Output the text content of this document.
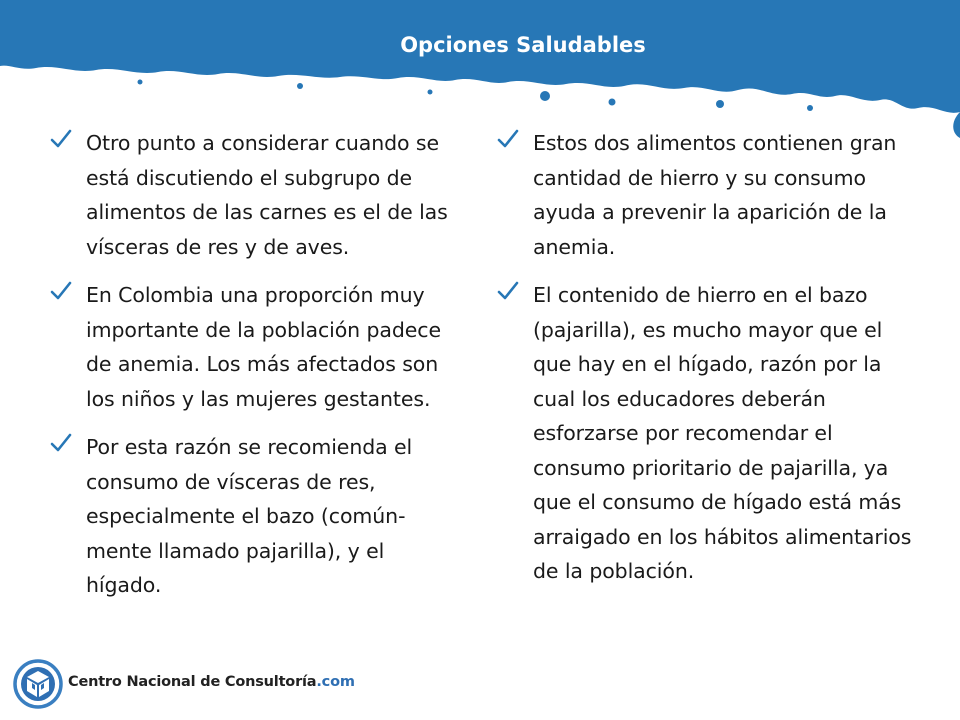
Opciones Saludables
Otro punto a considerar cuando se está discutiendo el subgrupo de alimentos de las carnes es el de las vísceras de res y de aves.
En Colombia una proporción muy importante de la población padece de anemia. Los más afectados son los niños y las mujeres gestantes.
Por esta razón se recomienda el consumo de vísceras de res, especialmente el bazo (común-mente llamado pajarilla), y el hígado.
Estos dos alimentos contienen gran cantidad de hierro y su consumo ayuda a prevenir la aparición de la anemia.
El contenido de hierro en el bazo (pajarilla), es mucho mayor que el que hay en el hígado, razón por la cual los educadores deberán esforzarse por recomendar el consumo prioritario de pajarilla, ya que el consumo de hígado está más arraigado en los hábitos alimentarios de la población.
Centro Nacional de Consultoría.com
